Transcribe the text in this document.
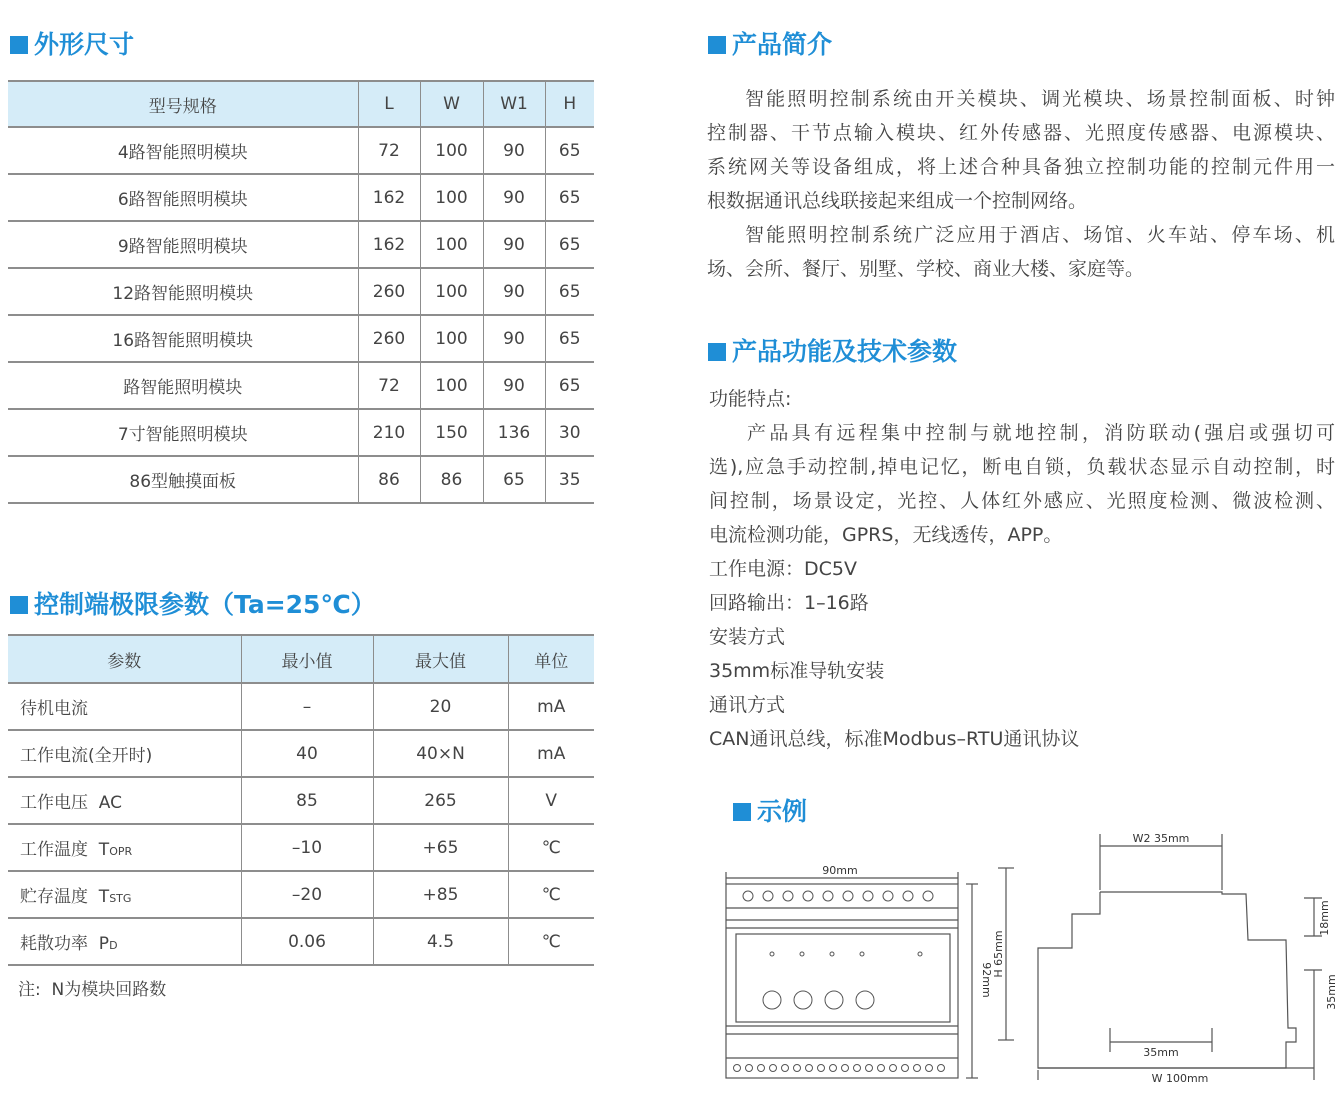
外形尺寸
型号规格	L	W	W1	H
4路智能照明模块	72	100	90	65
6路智能照明模块	162	100	90	65
9路智能照明模块	162	100	90	65
12路智能照明模块	260	100	90	65
16路智能照明模块	260	100	90	65
路智能照明模块	72	100	90	65
7寸智能照明模块	210	150	136	30
86型触摸面板	86	86	65	35
控制端极限参数（Ta=25℃）
参数	最小值	最大值	单位
待机电流	–	20	mA
工作电流(全开时)	40	40×N	mA
工作电压  AC	85	265	V
工作温度  TOPR	–10	+65	℃
贮存温度  TSTG	–20	+85	℃
耗散功率  PD	0.06	4.5	℃
注:  N为模块回路数
产品简介

智能照明控制系统由开关模块、调光模块、场景控制面板、时钟

控制器、干节点输入模块、红外传感器、光照度传感器、电源模块、

系统网关等设备组成，将上述合种具备独立控制功能的控制元件用一

根数据通讯总线联接起来组成一个控制网络。

智能照明控制系统广泛应用于酒店、场馆、火车站、停车场、机

场、会所、餐厅、别墅、学校、商业大楼、家庭等。

产品功能及技术参数

功能特点:

产品具有远程集中控制与就地控制，消防联动(强启或强切可

选),应急手动控制,掉电记忆，断电自锁，负载状态显示自动控制，时

间控制，场景设定，光控、人体红外感应、光照度检测、微波检测、

电流检测功能，GPRS，无线透传，APP。

工作电源：DC5V

回路输出：1–16路

安装方式

35mm标准导轨安装

通讯方式

CAN通讯总线，标准Modbus–RTU通讯协议

示例
90mm
92mm
W2 35mm
H 65mm
18mm
35mm
35mm
W 100mm
